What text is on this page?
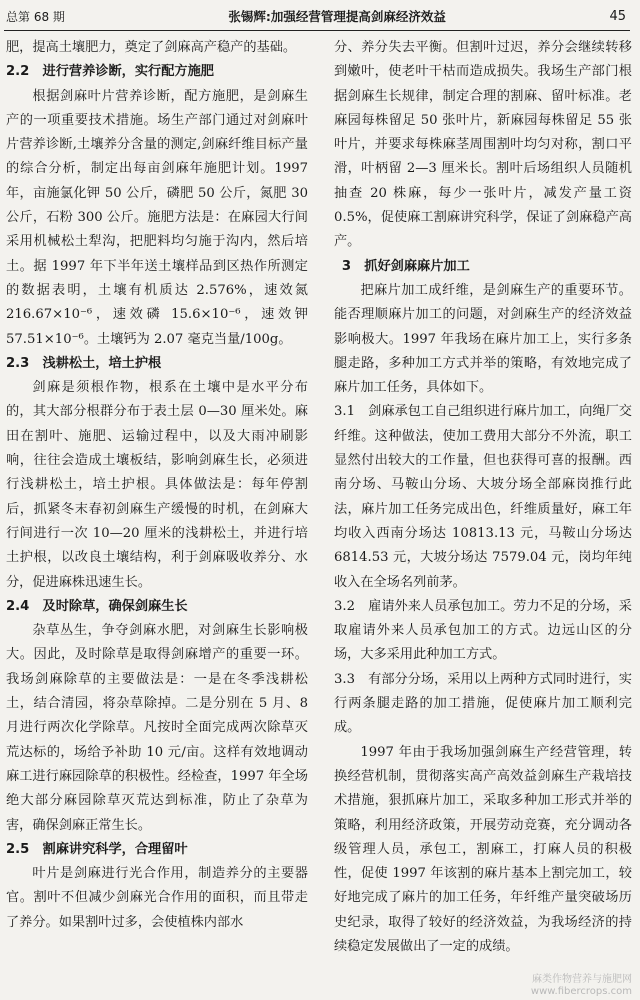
总第 68 期	张锡辉:加强经营管理提高剑麻经济效益	45

肥，提高土壤肥力，奠定了剑麻高产稳产的基础。

2.2　进行营养诊断，实行配方施肥

根据剑麻叶片营养诊断，配方施肥，是剑麻生产的一项重要技术措施。场生产部门通过对剑麻叶片营养诊断,土壤养分含量的测定,剑麻纤维目标产量的综合分析，制定出每亩剑麻年施肥计划。1997 年，亩施氯化钾 50 公斤，磷肥 50 公斤，氮肥 30 公斤，石粉 300 公斤。施肥方法是：在麻园大行间采用机械松土犁沟，把肥料均匀施于沟内，然后培土。据 1997 年下半年送土壤样品到区热作所测定的数据表明，土壤有机质达 2.576%，速效氮 216.67×10⁻⁶，速效磷 15.6×10⁻⁶，速效钾 57.51×10⁻⁶。土壤钙为 2.07 毫克当量/100g。

2.3　浅耕松土，培土护根

剑麻是须根作物，根系在土壤中是水平分布的，其大部分根群分布于表土层 0—30 厘米处。麻田在割叶、施肥、运输过程中，以及大雨冲刷影响，往往会造成土壤板结，影响剑麻生长，必须进行浅耕松土，培土护根。具体做法是：每年停割后，抓紧冬末春初剑麻生产缓慢的时机，在剑麻大行间进行一次 10—20 厘米的浅耕松土，并进行培土护根，以改良土壤结构，利于剑麻吸收养分、水分，促进麻株迅速生长。

2.4　及时除草，确保剑麻生长

杂草丛生，争夺剑麻水肥，对剑麻生长影响极大。因此，及时除草是取得剑麻增产的重要一环。我场剑麻除草的主要做法是：一是在冬季浅耕松土，结合清园，将杂草除掉。二是分别在 5 月、8 月进行两次化学除草。凡按时全面完成两次除草灭荒达标的，场给予补助 10 元/亩。这样有效地调动麻工进行麻园除草的积极性。经检查，1997 年全场绝大部分麻园除草灭荒达到标准，防止了杂草为害，确保剑麻正常生长。

2.5　割麻讲究科学，合理留叶

叶片是剑麻进行光合作用，制造养分的主要器官。割叶不但减少剑麻光合作用的面积，而且带走了养分。如果割叶过多，会使植株内部水

分、养分失去平衡。但割叶过迟，养分会继续转移到嫩叶，使老叶干枯而造成损失。我场生产部门根据剑麻生长规律，制定合理的割麻、留叶标准。老麻园每株留足 50 张叶片，新麻园每株留足 55 张叶片，并要求每株麻茎周围割叶均匀对称，割口平滑，叶柄留 2—3 厘米长。割叶后场组织人员随机抽查 20 株麻，每少一张叶片，减发产量工资 0.5%，促使麻工割麻讲究科学，保证了剑麻稳产高产。

3　抓好剑麻麻片加工

把麻片加工成纤维，是剑麻生产的重要环节。能否理顺麻片加工的问题，对剑麻生产的经济效益影响极大。1997 年我场在麻片加工上，实行多条腿走路，多种加工方式并举的策略，有效地完成了麻片加工任务，具体如下。

3.1　剑麻承包工自己组织进行麻片加工，向绳厂交纤维。这种做法，使加工费用大部分不外流，职工显然付出较大的工作量，但也获得可喜的报酬。西南分场、马鞍山分场、大坡分场全部麻岗推行此法，麻片加工任务完成出色，纤维质量好，麻工年均收入西南分场达 10813.13 元，马鞍山分场达 6814.53 元，大坡分场达 7579.04 元，岗均年纯收入在全场名列前茅。

3.2　雇请外来人员承包加工。劳力不足的分场，采取雇请外来人员承包加工的方式。边远山区的分场，大多采用此种加工方式。

3.3　有部分分场，采用以上两种方式同时进行，实行两条腿走路的加工措施，促使麻片加工顺利完成。

1997 年由于我场加强剑麻生产经营管理，转换经营机制，贯彻落实高产高效益剑麻生产栽培技术措施，狠抓麻片加工，采取多种加工形式并举的策略，利用经济政策，开展劳动竞赛，充分调动各级管理人员，承包工，割麻工，打麻人员的积极性，促使 1997 年该割的麻片基本上割完加工，较好地完成了麻片的加工任务，年纤维产量突破场历史纪录，取得了较好的经济效益，为我场经济的持续稳定发展做出了一定的成绩。

麻类作物营养与施肥网
www.fibercrops.com
